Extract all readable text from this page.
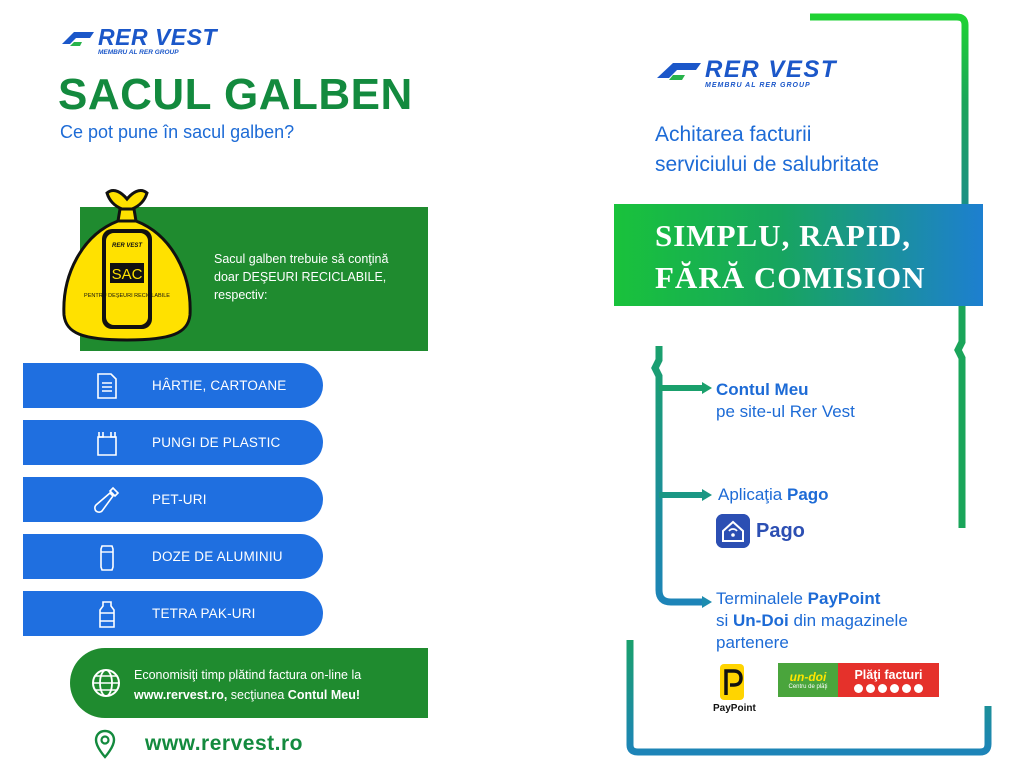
RER VEST
MEMBRU AL RER GROUP
SACUL GALBEN
Ce pot pune în sacul galben?
RER VEST
SAC
PENTRU DEŞEURI RECICLABILE
Sacul galben trebuie să conţină doar DEŞEURI RECICLABILE, respectiv:
HÂRTIE, CARTOANE
PUNGI DE PLASTIC
PET-URI
DOZE DE ALUMINIU
TETRA PAK-URI
Economisiţi timp plătind factura on-line la
www.rervest.ro, secţiunea Contul Meu!
www.rervest.ro
RER VEST
MEMBRU AL RER GROUP
Achitarea facturii
serviciului de salubritate
SIMPLU, RAPID,
FĂRĂ COMISION
Contul Meu
pe site-ul Rer Vest
Aplicaţia Pago
Pago
Terminalele PayPoint
si Un-Doi din magazinele
partenere
PayPoint
un-doi
Centru de plăţi
Plăţi facturi
